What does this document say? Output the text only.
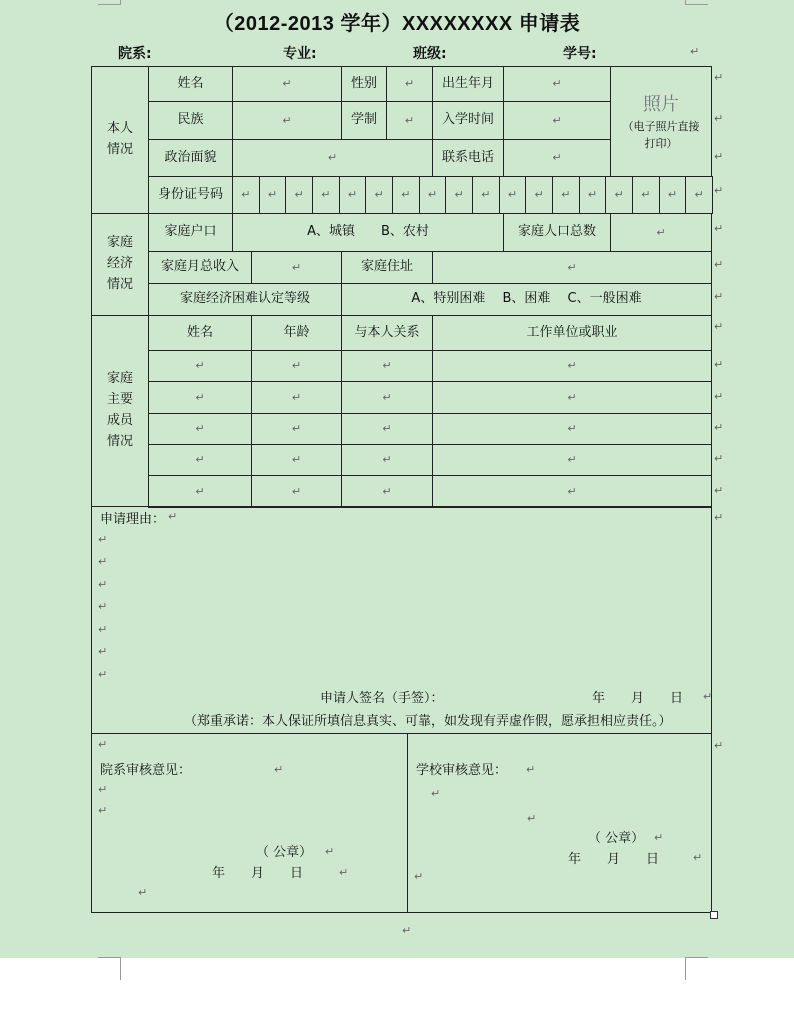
（2012-2013 学年）XXXXXXXX 申请表
院系:	专业:	班级:	学号:	↵
本人
情况
姓名	↵	性别	↵	出生年月	↵
民族	↵	学制	↵	入学时间	↵
政治面貌	↵	联系电话	↵
照片
（电子照片直接
打印）
身份证号码	↵ ↵ ↵ ↵ ↵ ↵ ↵ ↵ ↵ ↵ ↵ ↵ ↵ ↵ ↵ ↵ ↵ ↵
家庭
经济
情况
家庭户口	A、城镇　　B、农村	家庭人口总数	↵
家庭月总收入	↵	家庭住址	↵
家庭经济困难认定等级	A、特别困难　 B、困难　 C、一般困难
家庭
主要
成员
情况
姓名	年龄	与本人关系	工作单位或职业
↵	↵	↵	↵
↵	↵	↵	↵
↵	↵	↵	↵
↵	↵	↵	↵
↵	↵	↵	↵
申请理由： ↵
↵
↵
↵
↵
↵
↵
↵
申请人签名（手签）：	年　　月　　日 ↵
（郑重承诺：本人保证所填信息真实、可靠，如发现有弄虚作假，愿承担相应责任。）
↵
院系审核意见：	↵
↵
↵
（ 公章） ↵
年　　月　　日	↵
↵
学校审核意见： ↵
↵
↵
（ 公章） ↵
年　　月　　日	↵
↵
↵
↵
↵
↵
↵
↵
↵
↵
↵
↵
↵
↵
↵
↵
↵
↵
